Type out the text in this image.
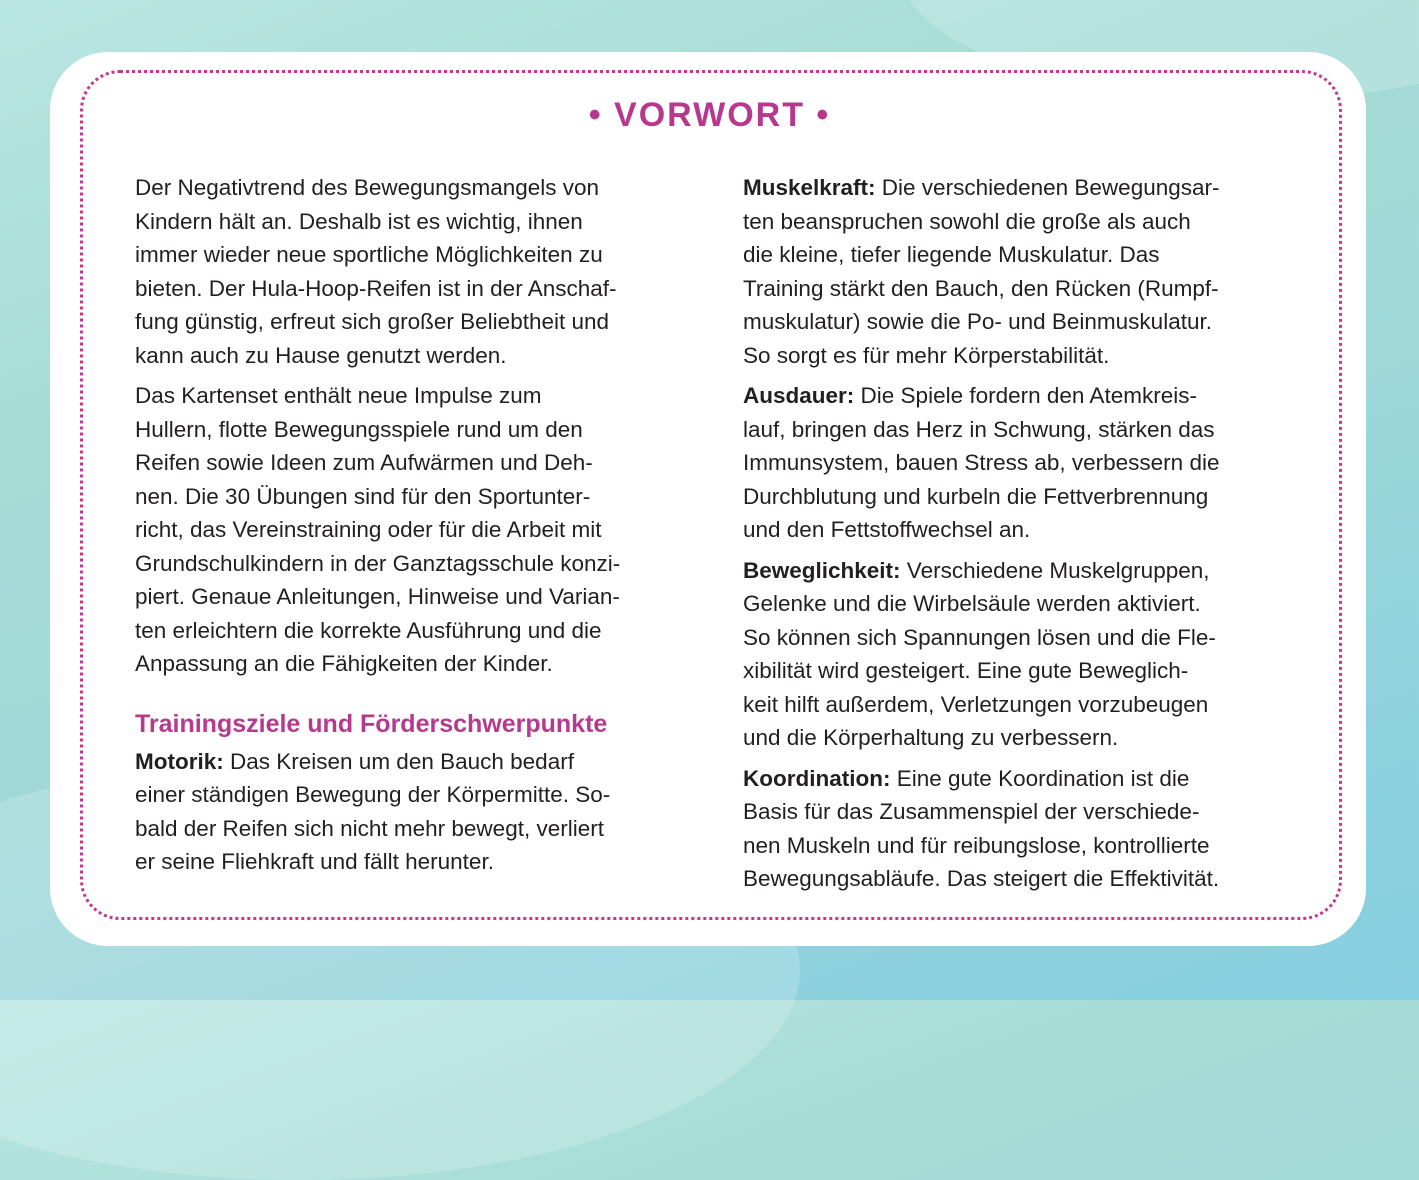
• VORWORT •

Der Negativtrend des Bewegungsmangels von
Kindern hält an. Deshalb ist es wichtig, ihnen
immer wieder neue sportliche Möglichkeiten zu
bieten. Der Hula-Hoop-Reifen ist in der Anschaf-
fung günstig, erfreut sich großer Beliebtheit und
kann auch zu Hause genutzt werden.

Das Kartenset enthält neue Impulse zum
Hullern, flotte Bewegungsspiele rund um den
Reifen sowie Ideen zum Aufwärmen und Deh-
nen. Die 30 Übungen sind für den Sportunter-
richt, das Vereinstraining oder für die Arbeit mit
Grundschulkindern in der Ganztagsschule konzi-
piert. Genaue Anleitungen, Hinweise und Varian-
ten erleichtern die korrekte Ausführung und die
Anpassung an die Fähigkeiten der Kinder.

Trainingsziele und Förderschwerpunkte

Motorik: Das Kreisen um den Bauch bedarf
einer ständigen Bewegung der Körpermitte. So-
bald der Reifen sich nicht mehr bewegt, verliert
er seine Fliehkraft und fällt herunter.

Muskelkraft: Die verschiedenen Bewegungsar-
ten beanspruchen sowohl die große als auch
die kleine, tiefer liegende Muskulatur. Das
Training stärkt den Bauch, den Rücken (Rumpf-
muskulatur) sowie die Po- und Beinmuskulatur.
So sorgt es für mehr Körperstabilität.

Ausdauer: Die Spiele fordern den Atemkreis-
lauf, bringen das Herz in Schwung, stärken das
Immunsystem, bauen Stress ab, verbessern die
Durchblutung und kurbeln die Fettverbrennung
und den Fettstoffwechsel an.

Beweglichkeit: Verschiedene Muskelgruppen,
Gelenke und die Wirbelsäule werden aktiviert.
So können sich Spannungen lösen und die Fle-
xibilität wird gesteigert. Eine gute Beweglich-
keit hilft außerdem, Verletzungen vorzubeugen
und die Körperhaltung zu verbessern.

Koordination: Eine gute Koordination ist die
Basis für das Zusammenspiel der verschiede-
nen Muskeln und für reibungslose, kontrollierte
Bewegungsabläufe. Das steigert die Effektivität.
